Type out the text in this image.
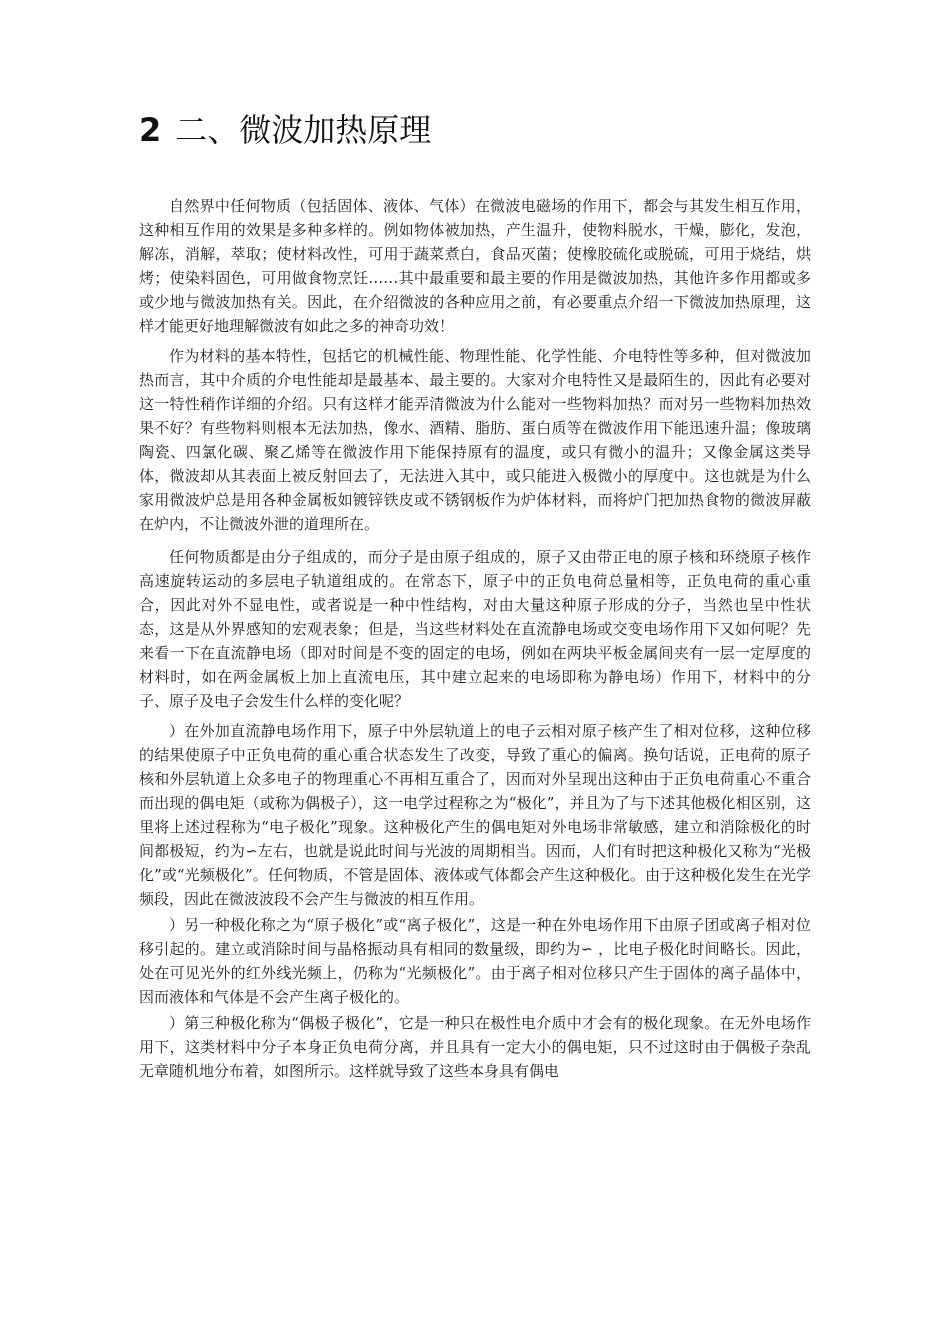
2 二、微波加热原理

自然界中任何物质（包括固体、液体、气体）在微波电磁场的作用下，都会与其发生相互作用，这种相互作用的效果是多种多样的。例如物体被加热，产生温升，使物料脱水，干燥，膨化，发泡，解冻，消解，萃取；使材料改性，可用于蔬菜煮白，食品灭菌；使橡胶硫化或脱硫，可用于烧结，烘烤；使染料固色，可用做食物烹饪……其中最重要和最主要的作用是微波加热，其他许多作用都或多或少地与微波加热有关。因此，在介绍微波的各种应用之前，有必要重点介绍一下微波加热原理，这样才能更好地理解微波有如此之多的神奇功效！

作为材料的基本特性，包括它的机械性能、物理性能、化学性能、介电特性等多种，但对微波加热而言，其中介质的介电性能却是最基本、最主要的。大家对介电特性又是最陌生的，因此有必要对这一特性稍作详细的介绍。只有这样才能弄清微波为什么能对一些物料加热？而对另一些物料加热效果不好？有些物料则根本无法加热，像水、酒精、脂肪、蛋白质等在微波作用下能迅速升温；像玻璃陶瓷、四氯化碳、聚乙烯等在微波作用下能保持原有的温度，或只有微小的温升；又像金属这类导体，微波却从其表面上被反射回去了，无法进入其中，或只能进入极微小的厚度中。这也就是为什么家用微波炉总是用各种金属板如镀锌铁皮或不锈钢板作为炉体材料，而将炉门把加热食物的微波屏蔽在炉内，不让微波外泄的道理所在。

任何物质都是由分子组成的，而分子是由原子组成的，原子又由带正电的原子核和环绕原子核作高速旋转运动的多层电子轨道组成的。在常态下，原子中的正负电荷总量相等，正负电荷的重心重合，因此对外不显电性，或者说是一种中性结构，对由大量这种原子形成的分子，当然也呈中性状态，这是从外界感知的宏观表象；但是，当这些材料处在直流静电场或交变电场作用下又如何呢？先来看一下在直流静电场（即对时间是不变的固定的电场，例如在两块平板金属间夹有一层一定厚度的材料时，如在两金属板上加上直流电压，其中建立起来的电场即称为静电场）作用下，材料中的分子、原子及电子会发生什么样的变化呢？

）在外加直流静电场作用下，原子中外层轨道上的电子云相对原子核产生了相对位移，这种位移的结果使原子中正负电荷的重心重合状态发生了改变，导致了重心的偏离。换句话说，正电荷的原子核和外层轨道上众多电子的物理重心不再相互重合了，因而对外呈现出这种由于正负电荷重心不重合而出现的偶电矩（或称为偶极子），这一电学过程称之为“极化”，并且为了与下述其他极化相区别，这里将上述过程称为“电子极化”现象。这种极化产生的偶电矩对外电场非常敏感，建立和消除极化的时间都极短，约为∽左右，也就是说此时间与光波的周期相当。因而，人们有时把这种极化又称为“光极化”或“光频极化”。任何物质，不管是固体、液体或气体都会产生这种极化。由于这种极化发生在光学频段，因此在微波波段不会产生与微波的相互作用。

）另一种极化称之为“原子极化”或“离子极化”，这是一种在外电场作用下由原子团或离子相对位移引起的。建立或消除时间与晶格振动具有相同的数量级，即约为∽ ，比电子极化时间略长。因此，处在可见光外的红外线光频上，仍称为“光频极化”。由于离子相对位移只产生于固体的离子晶体中，因而液体和气体是不会产生离子极化的。

）第三种极化称为“偶极子极化”，它是一种只在极性电介质中才会有的极化现象。在无外电场作用下，这类材料中分子本身正负电荷分离，并且具有一定大小的偶电矩，只不过这时由于偶极子杂乱无章随机地分布着，如图所示。这样就导致了这些本身具有偶电
